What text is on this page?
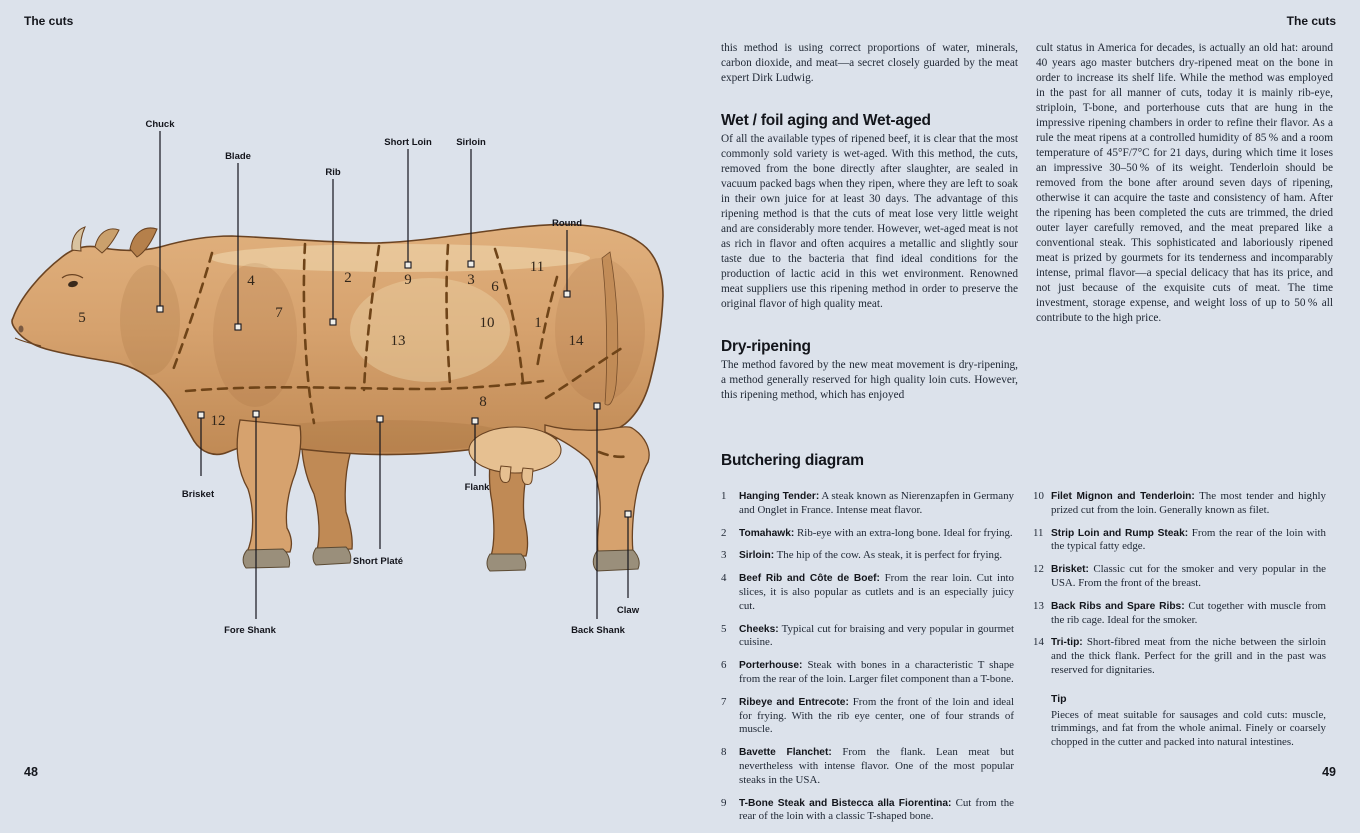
The cuts
Chuck
Blade
Rib
Short Loin	Sirloin
Round
Brisket
Fore Shank
Short Platé
Flank
Claw
Back Shank
1
2	3
4
5
6
7
8
9
10
11
12
13	14
48
The cuts

this method is using correct proportions of water, minerals, carbon dioxide, and meat—a secret closely guarded by the meat expert Dirk Ludwig.

Wet / foil aging and Wet-aged

Of all the available types of ripened beef, it is clear that the most commonly sold variety is wet-aged. With this method, the cuts, removed from the bone directly after slaughter, are sealed in vacuum packed bags when they ripen, where they are left to soak in their own juice for at least 30 days. The advantage of this ripening method is that the cuts of meat lose very little weight and are considerably more tender. However, wet-aged meat is not as rich in flavor and often acquires a metallic and slightly sour taste due to the bacteria that find ideal conditions for the production of lactic acid in this wet environment. Renowned meat suppliers use this ripening method in order to preserve the original flavor of high quality meat.

Dry-ripening

The method favored by the new meat movement is dry-ripening, a method generally reserved for high quality loin cuts. However, this ripening method, which has enjoyed

cult status in America for decades, is actually an old hat: around 40 years ago master butchers dry-ripened meat on the bone in order to increase its shelf life. While the method was employed in the past for all manner of cuts, today it is mainly rib-eye, striploin, T-bone, and porterhouse cuts that are hung in the impressive ripening chambers in order to refine their flavor. As a rule the meat ripens at a controlled humidity of 85 % and a room temperature of 45°F/7°C for 21 days, during which time it loses an impressive 30–50 % of its weight. Tenderloin should be removed from the bone after around seven days of ripening, otherwise it can acquire the taste and consistency of ham. After the ripening has been completed the cuts are trimmed, the dried outer layer carefully removed, and the meat prepared like a conventional steak. This sophisticated and laboriously ripened meat is prized by gourmets for its tenderness and incomparably intense, primal flavor—a special delicacy that has its price, and not just because of the exquisite cuts of meat. The time investment, storage expense, and weight loss of up to 50 % all contribute to the high price.

Butchering diagram
1	Hanging Tender: A steak known as Nierenzapfen in Germany and Onglet in France. Intense meat flavor.
2	Tomahawk: Rib-eye with an extra-long bone. Ideal for frying.
3	Sirloin: The hip of the cow. As steak, it is perfect for frying.
4	Beef Rib and Côte de Boef: From the rear loin. Cut into slices, it is also popular as cutlets and is an especially juicy cut.
5	Cheeks: Typical cut for braising and very popular in gourmet cuisine.
6	Porterhouse: Steak with bones in a characteristic T shape from the rear of the loin. Larger filet component than a T-bone.
7	Ribeye and Entrecote: From the front of the loin and ideal for frying. With the rib eye center, one of four strands of muscle.
8	Bavette Flanchet: From the flank. Lean meat but nevertheless with intense flavor. One of the most popular steaks in the USA.
9	T-Bone Steak and Bistecca alla Fiorentina: Cut from the rear of the loin with a classic T-shaped bone.
10 Filet Mignon and Tenderloin: The most tender and highly prized cut from the loin. Generally known as filet.
11 Strip Loin and Rump Steak: From the rear of the loin with the typical fatty edge.
12 Brisket: Classic cut for the smoker and very popular in the USA. From the front of the breast.
13 Back Ribs and Spare Ribs: Cut together with muscle from the rib cage. Ideal for the smoker.
14 Tri-tip: Short-fibred meat from the niche between the sirloin and the thick flank. Perfect for the grill and in the past was reserved for dignitaries.
Tip
Pieces of meat suitable for sausages and cold cuts: muscle, trimmings, and fat from the whole animal. Finely or coarsely chopped in the cutter and packed into natural intestines.
49
